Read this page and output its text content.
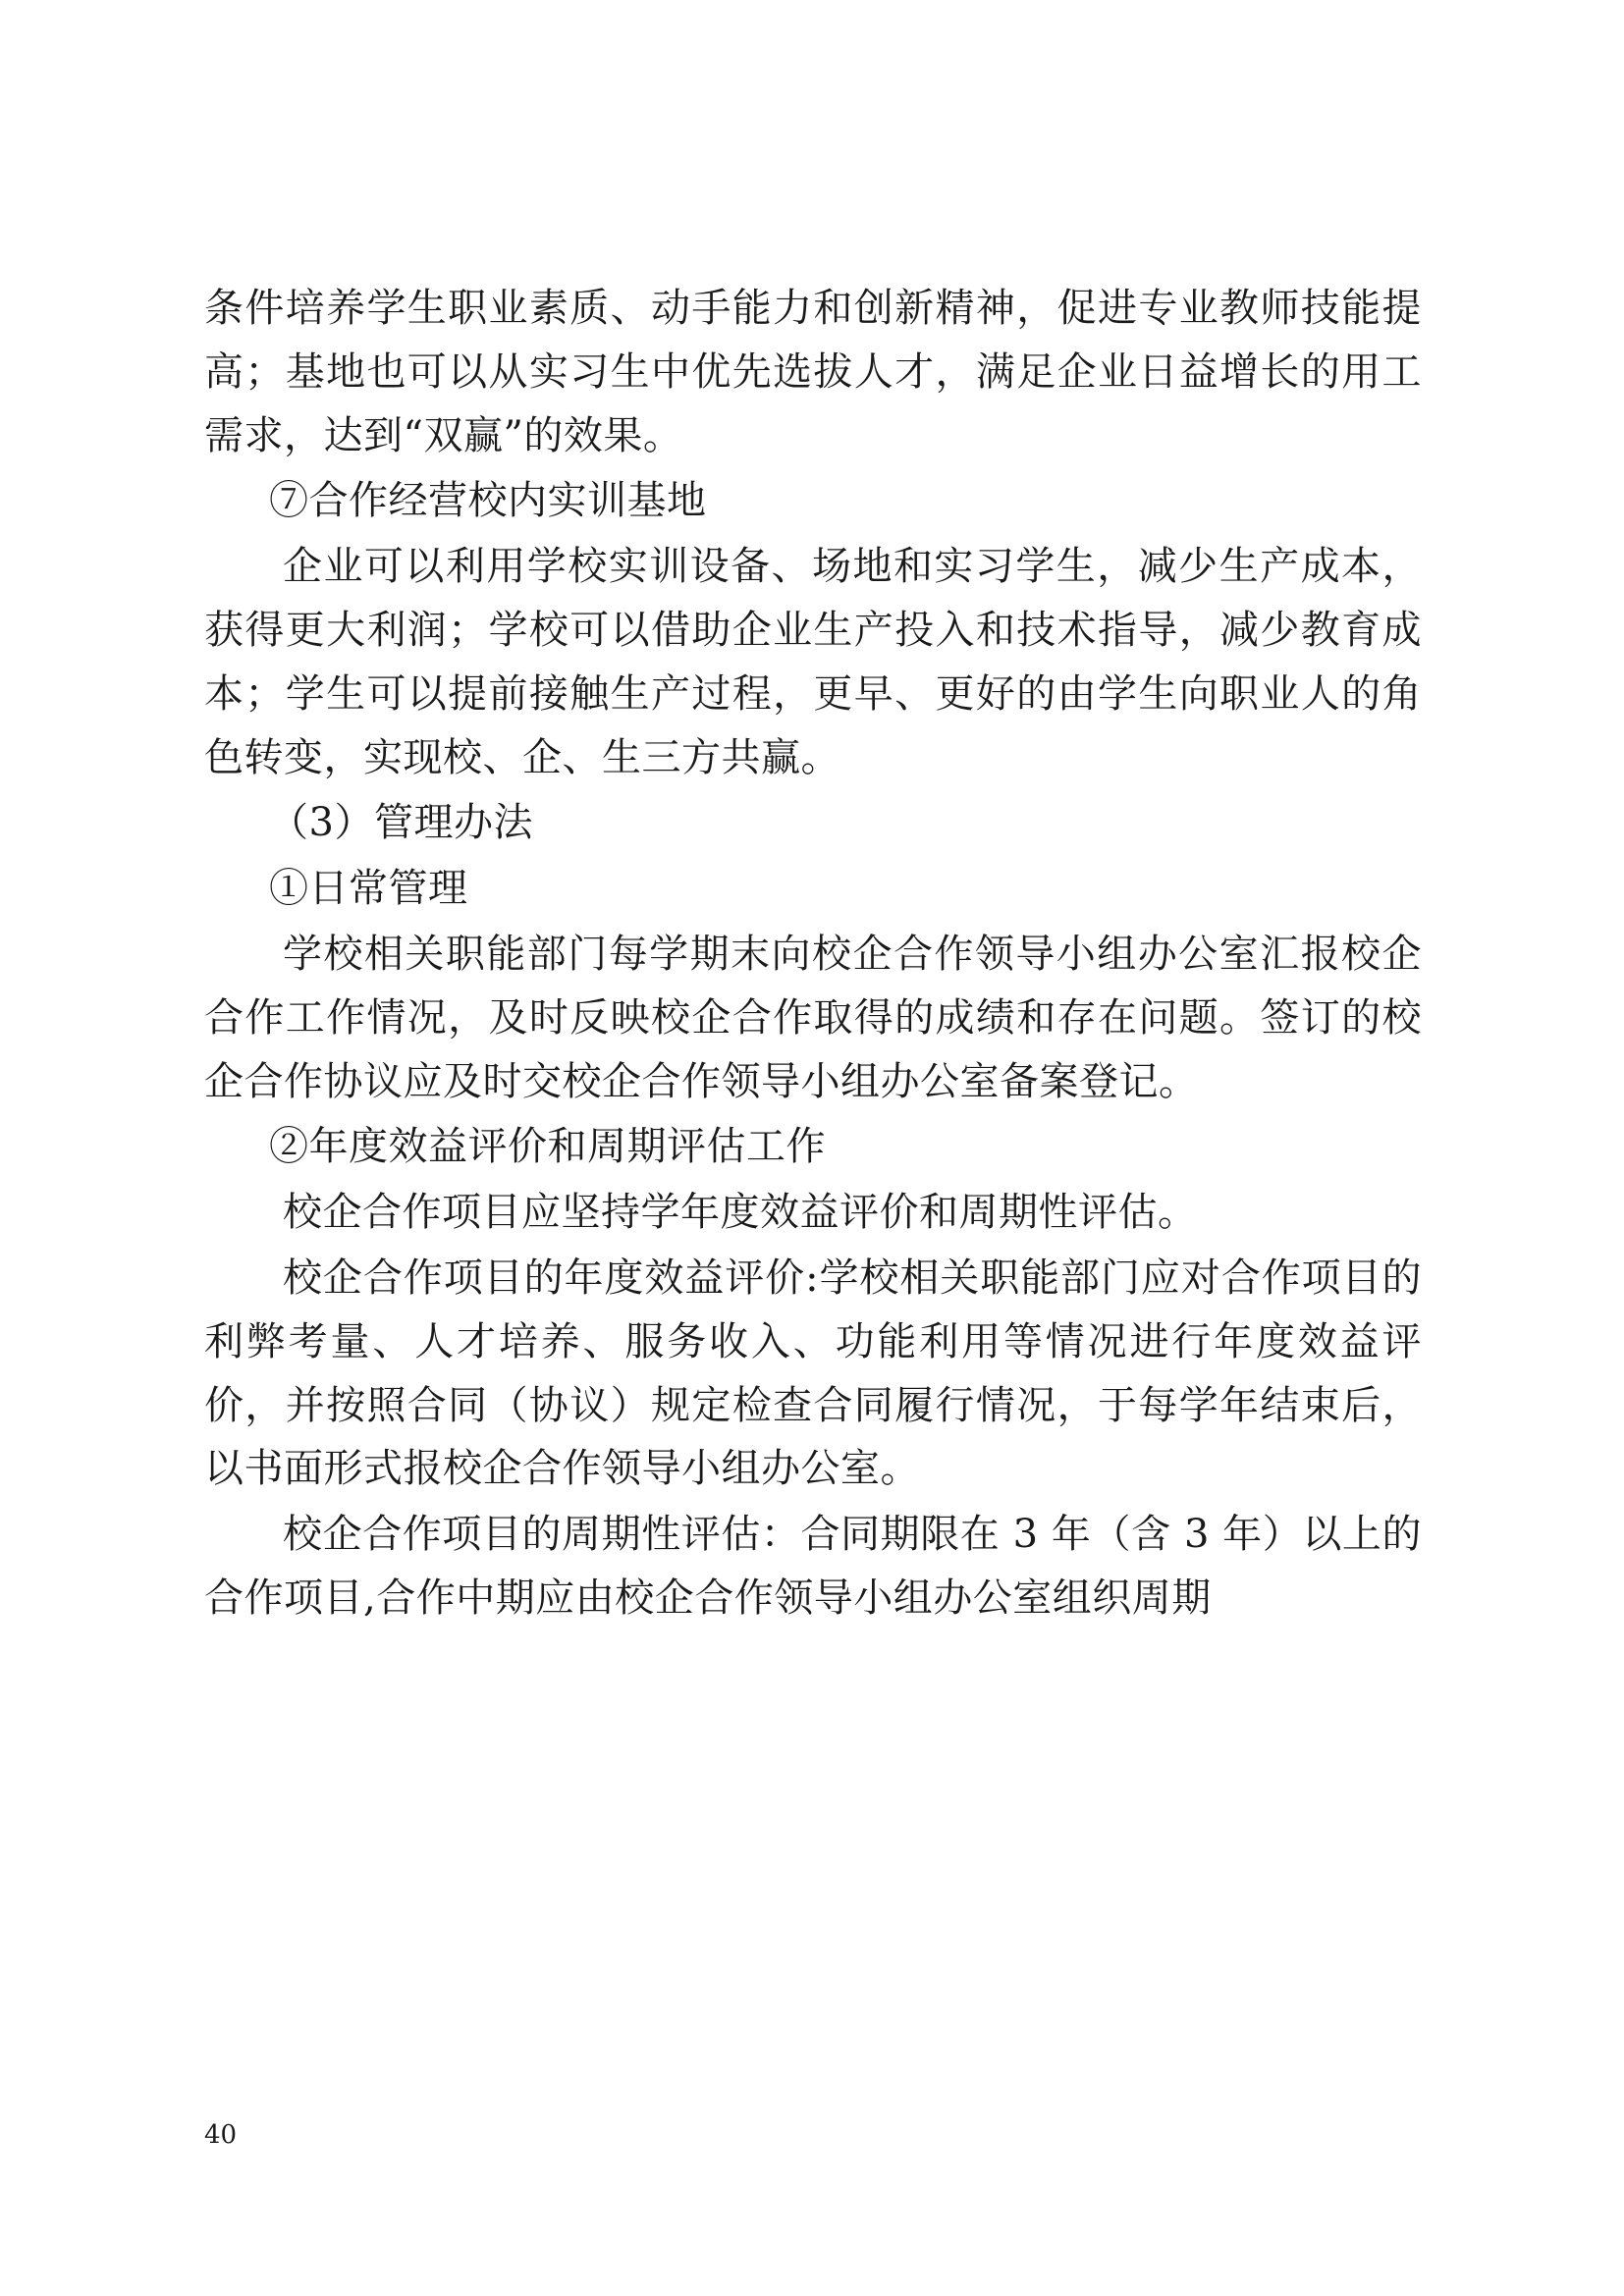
条件培养学生职业素质、动手能力和创新精神，促进专业教师技能提高；基地也可以从实习生中优先选拔人才，满足企业日益增长的用工需求，达到“双赢”的效果。

⑦合作经营校内实训基地

企业可以利用学校实训设备、场地和实习学生，减少生产成本，获得更大利润；学校可以借助企业生产投入和技术指导，减少教育成本；学生可以提前接触生产过程，更早、更好的由学生向职业人的角色转变，实现校、企、生三方共赢。

（3）管理办法

①日常管理

学校相关职能部门每学期末向校企合作领导小组办公室汇报校企合作工作情况，及时反映校企合作取得的成绩和存在问题。签订的校企合作协议应及时交校企合作领导小组办公室备案登记。

②年度效益评价和周期评估工作

校企合作项目应坚持学年度效益评价和周期性评估。

校企合作项目的年度效益评价:学校相关职能部门应对合作项目的利弊考量、人才培养、服务收入、功能利用等情况进行年度效益评价，并按照合同（协议）规定检查合同履行情况，于每学年结束后，以书面形式报校企合作领导小组办公室。

校企合作项目的周期性评估：合同期限在 3 年（含 3 年）以上的合作项目,合作中期应由校企合作领导小组办公室组织周期

40
